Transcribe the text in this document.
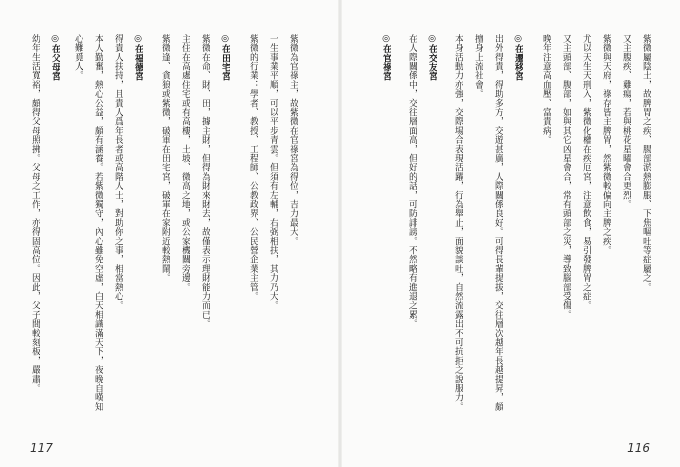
紫微為官祿主，故紫微在官祿宮為得位，吉力最大。
一生事業平順，可以平步青雲。但須有左輔，右弼相扶，其力乃大。
紫微的行業：學者、教授、工程師、公教政界、公民營企業主管。
◎在田宅宮
紫微在命、財、田，據主財，但得為財來財去，故僅表示理財能力而已。
主住在高處住宅或有高樓，土坡、微高之地，或公家機關旁邊。
紫微逢、貪狼或紫微，破軍在田宅宮，破軍在家附近較熱鬧。
◎在福德宮
得貴人扶持，且貴人爲年長者或高階人士，對助你之事，相當熱心。
本人勤奮，熱心公益，頗有涵養。若紫微獨守，內心雖免空虛，白天相識滿天下，夜晚自嘆知
心難覓人。
◎在父母宮
幼年生活寬裕，頗得父母照拂。父母之工作，亦得固高位。因此，父子間較刻板，嚴肅。
117
紫微屬陰土，故脾胃之疾、腸部淤熱膨脹、下焦嘔吐等症屬之。
又主腹疾、雞瘍，若與桃花星曜會合更烈。
紫微與天府，祿存皆主脾胃，然紫微較偏向主脾之疾。
尤以天生天刑入，紫微化權在疾厄宮，注意飲食，易引發脾胃之症。
又主頭部、腹部，如與其它凶星會合，常有頭部之災，導致腦部受傷。
晚年注意高血壓、富貴病。
◎在遷移宮
出外得貴，得助多方，交遊甚廣，人際關係良好。可得長輩提拔，交往層次越年長越提昇，頗
擅身上流社會。
本身活動力亦強，交際場合表現活躍，行為舉止，面貌談吐，自然流露出不可抗拒之說服力。
◎在交友宮
在人際關係中，交往層面高，但好的話，可防誹謗。不然略有進退之累。
◎在官祿宮
116
